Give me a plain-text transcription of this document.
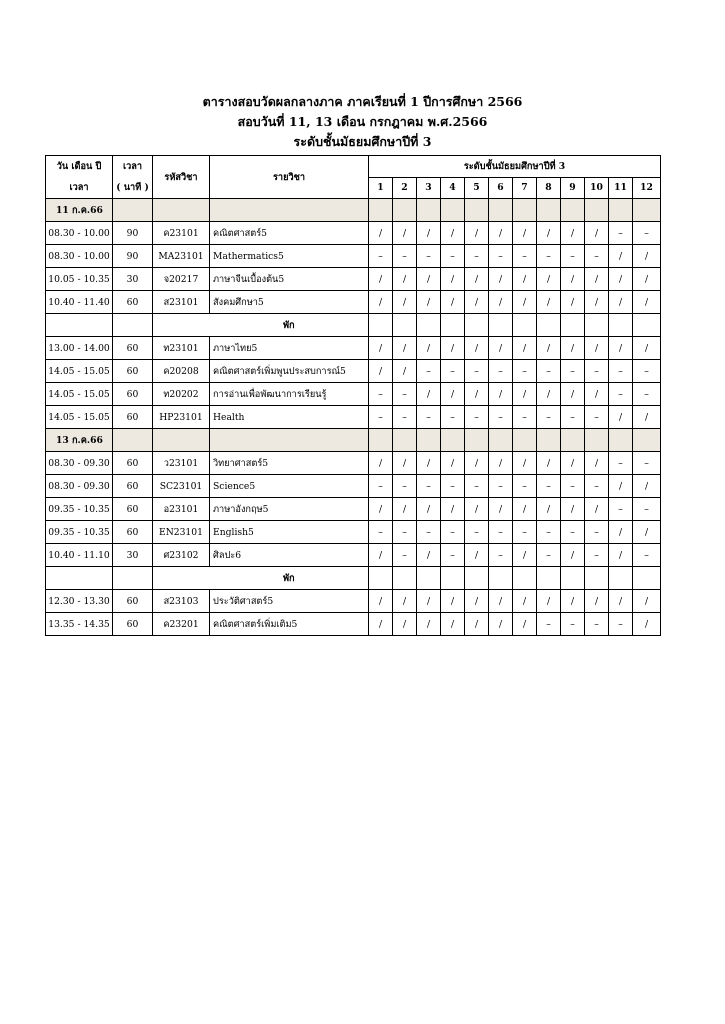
ตารางสอบวัดผลกลางภาค ภาคเรียนที่ 1 ปีการศึกษา 2566
สอบวันที่ 11, 13 เดือน กรกฎาคม พ.ศ.2566
ระดับชั้นมัธยมศึกษาปีที่ 3
วัน เดือน ปี	เวลา	รหัสวิชา	รายวิชา	ระดับชั้นมัธยมศึกษาปีที่ 3											
เวลา	( นาที )			1	2	3	4	5	6	7	8	9	10	11	12
11 ก.ค.66															
08.30 - 10.00	90	ค23101	คณิตศาสตร์5	/	/	/	/	/	/	/	/	/	/	–	–
08.30 - 10.00	90	MA23101	Mathermatics5	–	–	–	–	–	–	–	–	–	–	/	/
10.05 - 10.35	30	จ20217	ภาษาจีนเบื้องต้น5	/	/	/	/	/	/	/	/	/	/	/	/
10.40 - 11.40	60	ส23101	สังคมศึกษา5	/	/	/	/	/	/	/	/	/	/	/	/
			พัก												
13.00 - 14.00	60	ท23101	ภาษาไทย5	/	/	/	/	/	/	/	/	/	/	/	/
14.05 - 15.05	60	ค20208	คณิตศาสตร์เพิ่มพูนประสบการณ์5	/	/	–	–	–	–	–	–	–	–	–	–
14.05 - 15.05	60	ท20202	การอ่านเพื่อพัฒนาการเรียนรู้	–	–	/	/	/	/	/	/	/	/	–	–
14.05 - 15.05	60	HP23101	Health	–	–	–	–	–	–	–	–	–	–	/	/
13 ก.ค.66															
08.30 - 09.30	60	ว23101	วิทยาศาสตร์5	/	/	/	/	/	/	/	/	/	/	–	–
08.30 - 09.30	60	SC23101	Science5	–	–	–	–	–	–	–	–	–	–	/	/
09.35 - 10.35	60	อ23101	ภาษาอังกฤษ5	/	/	/	/	/	/	/	/	/	/	–	–
09.35 - 10.35	60	EN23101	English5	–	–	–	–	–	–	–	–	–	–	/	/
10.40 - 11.10	30	ศ23102	ศิลปะ6	/	–	/	–	/	–	/	–	/	–	/	–
			พัก												
12.30 - 13.30	60	ส23103	ประวัติศาสตร์5	/	/	/	/	/	/	/	/	/	/	/	/
13.35 - 14.35	60	ค23201	คณิตศาสตร์เพิ่มเติม5	/	/	/	/	/	/	/	–	–	–	–	/
